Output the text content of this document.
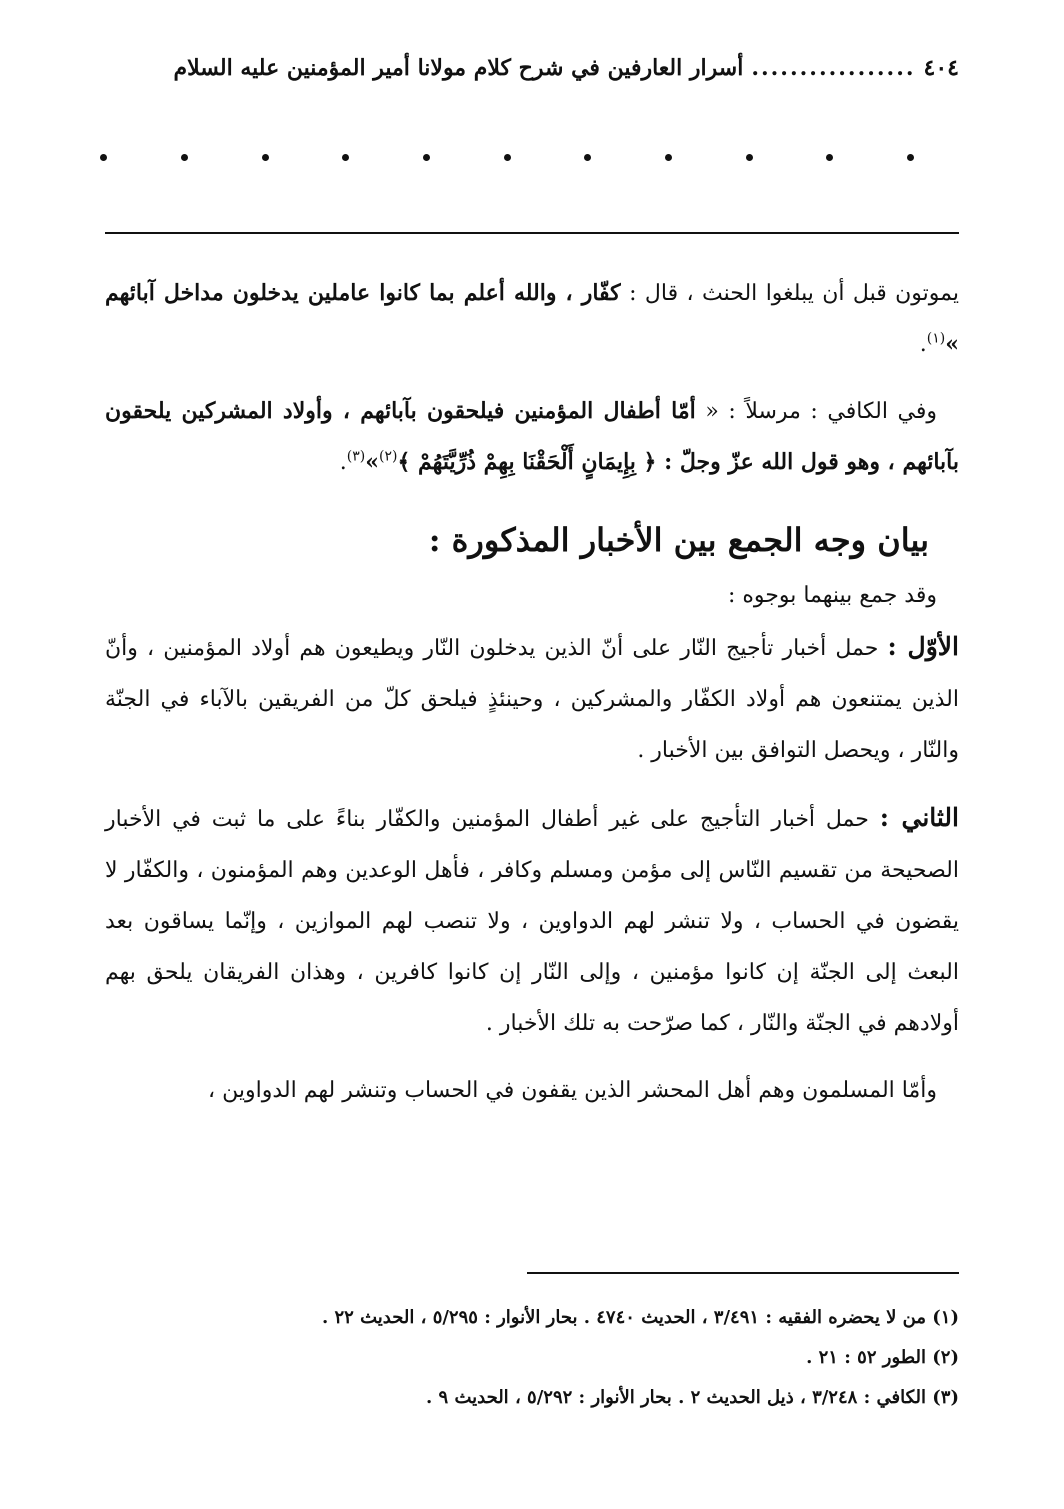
٤٠٤
.................
أسرار العارفين في شرح كلام مولانا أمير المؤمنين عليه السلام

يموتون قبل أن يبلغوا الحنث ، قال : كفّار ، والله أعلم بما كانوا عاملين يدخلون مداخل آبائهم »$^{(١)}$.

وفي الكافي : مرسلاً : « أمّا أطفال المؤمنين فيلحقون بآبائهم ، وأولاد المشركين يلحقون بآبائهم ، وهو قول الله عزّ وجلّ : ﴿ بِإِيمَانٍ أَلْحَقْنَا بِهِمْ ذُرِّيَّتَهُمْ ﴾$^{(٢)}$»$^{(٣)}$.

بيان وجه الجمع بين الأخبار المذكورة :

وقد جمع بينهما بوجوه :

الأوّل : حمل أخبار تأجيج النّار على أنّ الذين يدخلون النّار ويطيعون هم أولاد المؤمنين ، وأنّ الذين يمتنعون هم أولاد الكفّار والمشركين ، وحينئذٍ فيلحق كلّ من الفريقين بالآباء في الجنّة والنّار ، ويحصل التوافق بين الأخبار .

الثاني : حمل أخبار التأجيج على غير أطفال المؤمنين والكفّار بناءً على ما ثبت في الأخبار الصحيحة من تقسيم النّاس إلى مؤمن ومسلم وكافر ، فأهل الوعدين وهم المؤمنون ، والكفّار لا يقضون في الحساب ، ولا تنشر لهم الدواوين ، ولا تنصب لهم الموازين ، وإنّما يساقون بعد البعث إلى الجنّة إن كانوا مؤمنين ، وإلى النّار إن كانوا كافرين ، وهذان الفريقان يلحق بهم أولادهم في الجنّة والنّار ، كما صرّحت به تلك الأخبار .

وأمّا المسلمون وهم أهل المحشر الذين يقفون في الحساب وتنشر لهم الدواوين ،

(١) من لا يحضره الفقيه : ٣/٤٩١ ، الحديث ٤٧٤٠ . بحار الأنوار : ٥/٢٩٥ ، الحديث ٢٢ .

(٢) الطور ٥٢ : ٢١ .

(٣) الكافي : ٣/٢٤٨ ، ذيل الحديث ٢ . بحار الأنوار : ٥/٢٩٢ ، الحديث ٩ .
